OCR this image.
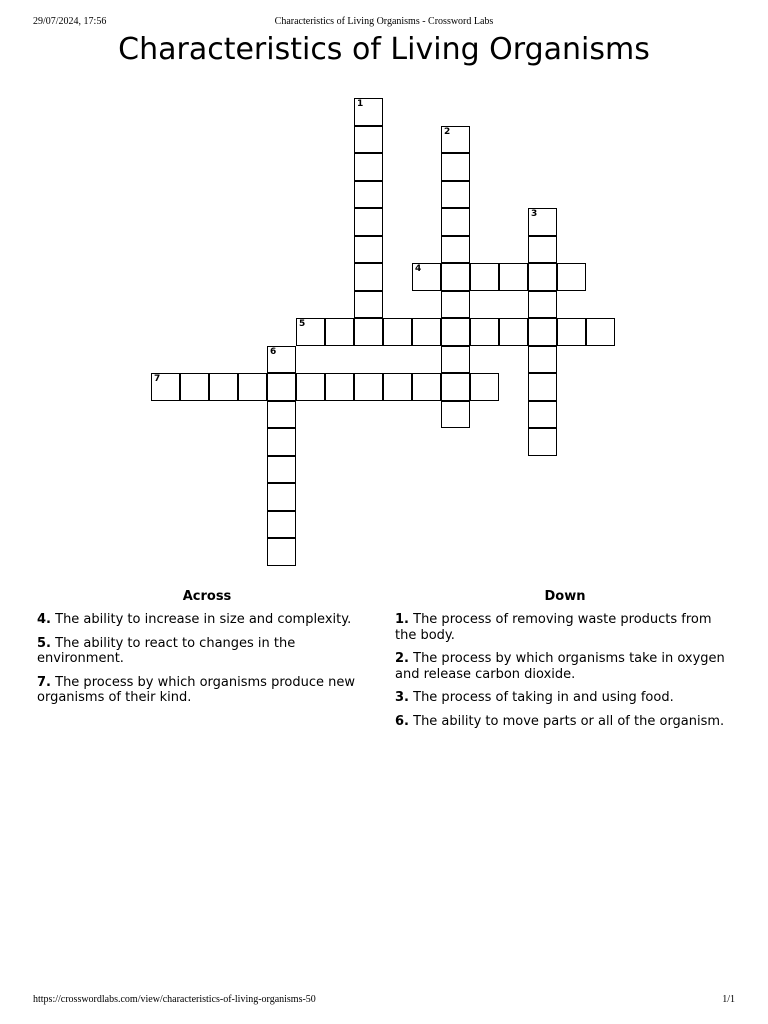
29/07/2024, 17:56	Characteristics of Living Organisms - Crossword Labs
Characteristics of Living Organisms
1
2
3
4
5
6
7
Across
4. The ability to increase in size and complexity.
5. The ability to react to changes in the environment.
7. The process by which organisms produce new organisms of their kind.
Down
1. The process of removing waste products from the body.
2. The process by which organisms take in oxygen and release carbon dioxide.
3. The process of taking in and using food.
6. The ability to move parts or all of the organism.
https://crosswordlabs.com/view/characteristics-of-living-organisms-50	1/1
